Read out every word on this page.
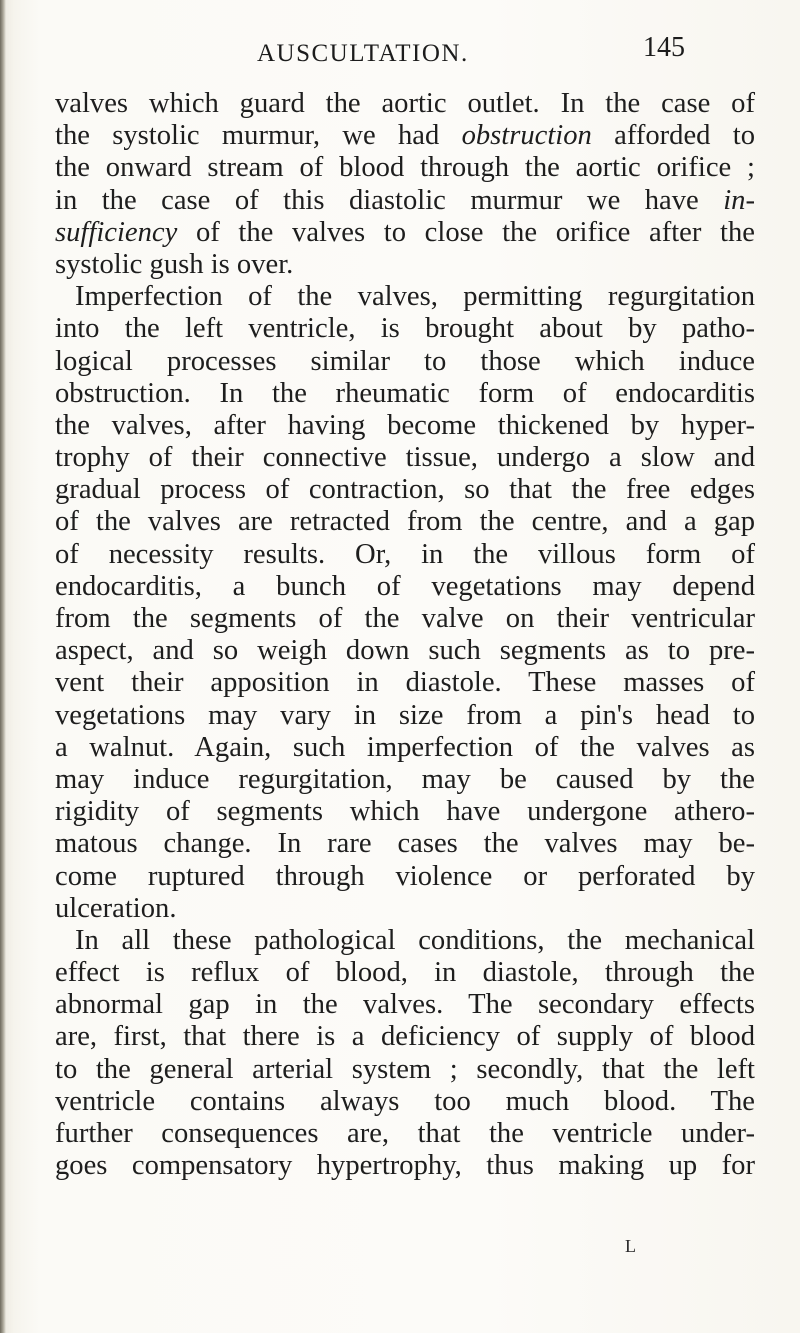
AUSCULTATION.	145
valves which guard the aortic outlet. In the case of
the systolic murmur, we had obstruction afforded to
the onward stream of blood through the aortic orifice ;
in the case of this diastolic murmur we have in-
sufficiency of the valves to close the orifice after the
systolic gush is over.
Imperfection of the valves, permitting regurgitation
into the left ventricle, is brought about by patho-
logical processes similar to those which induce
obstruction. In the rheumatic form of endocarditis
the valves, after having become thickened by hyper-
trophy of their connective tissue, undergo a slow and
gradual process of contraction, so that the free edges
of the valves are retracted from the centre, and a gap
of necessity results. Or, in the villous form of
endocarditis, a bunch of vegetations may depend
from the segments of the valve on their ventricular
aspect, and so weigh down such segments as to pre-
vent their apposition in diastole. These masses of
vegetations may vary in size from a pin's head to
a walnut. Again, such imperfection of the valves as
may induce regurgitation, may be caused by the
rigidity of segments which have undergone athero-
matous change. In rare cases the valves may be-
come ruptured through violence or perforated by
ulceration.
In all these pathological conditions, the mechanical
effect is reflux of blood, in diastole, through the
abnormal gap in the valves. The secondary effects
are, first, that there is a deficiency of supply of blood
to the general arterial system ; secondly, that the left
ventricle contains always too much blood. The
further consequences are, that the ventricle under-
goes compensatory hypertrophy, thus making up for
L
